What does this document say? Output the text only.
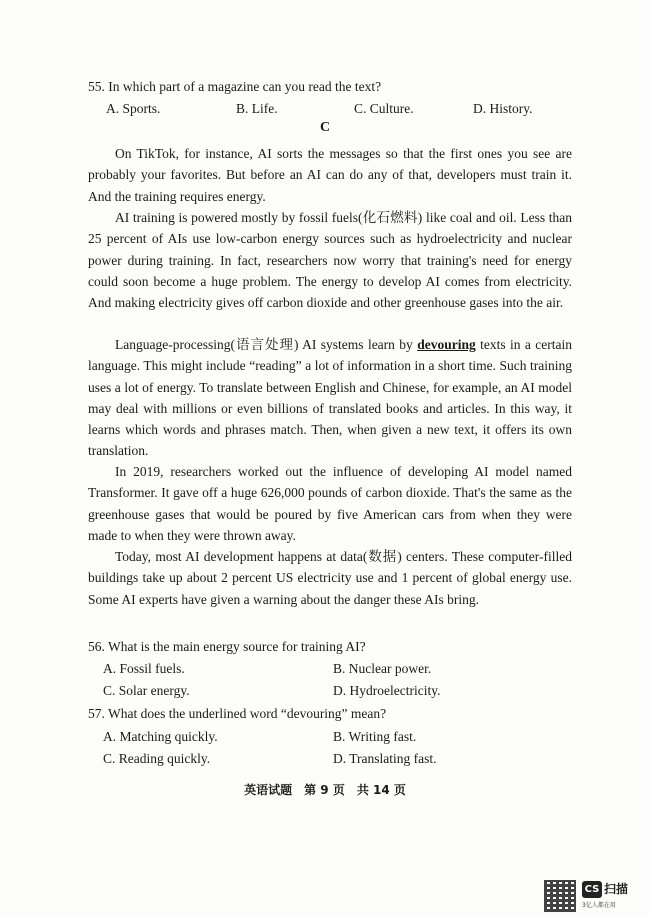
55. In which part of a magazine can you read the text?
A. Sports.	B. Life.	C. Culture.	D. History.
C

On TikTok, for instance, AI sorts the messages so that the first ones you see are probably your favorites. But before an AI can do any of that, developers must train it. And the training requires energy.

AI training is powered mostly by fossil fuels(化石燃料) like coal and oil. Less than 25 percent of AIs use low-carbon energy sources such as hydroelectricity and nuclear power during training. In fact, researchers now worry that training's need for energy could soon become a huge problem. The energy to develop AI comes from electricity. And making electricity gives off carbon dioxide and other greenhouse gases into the air.

Language-processing(语言处理) AI systems learn by devouring texts in a certain language. This might include “reading” a lot of information in a short time. Such training uses a lot of energy. To translate between English and Chinese, for example, an AI model may deal with millions or even billions of translated books and articles. In this way, it learns which words and phrases match. Then, when given a new text, it offers its own translation.

In 2019, researchers worked out the influence of developing AI model named Transformer. It gave off a huge 626,000 pounds of carbon dioxide. That's the same as the greenhouse gases that would be poured by five American cars from when they were made to when they were thrown away.

Today, most AI development happens at data(数据) centers. These computer-filled buildings take up about 2 percent US electricity use and 1 percent of global energy use. Some AI experts have given a warning about the danger these AIs bring.

56. What is the main energy source for training AI?
A. Fossil fuels.	B. Nuclear power.
C. Solar energy.	D. Hydroelectricity.
57. What does the underlined word “devouring” mean?
A. Matching quickly.	B. Writing fast.
C. Reading quickly.	D. Translating fast.
英语试题　第 9 页　共 14 页
CS 扫描
3亿人都在用
